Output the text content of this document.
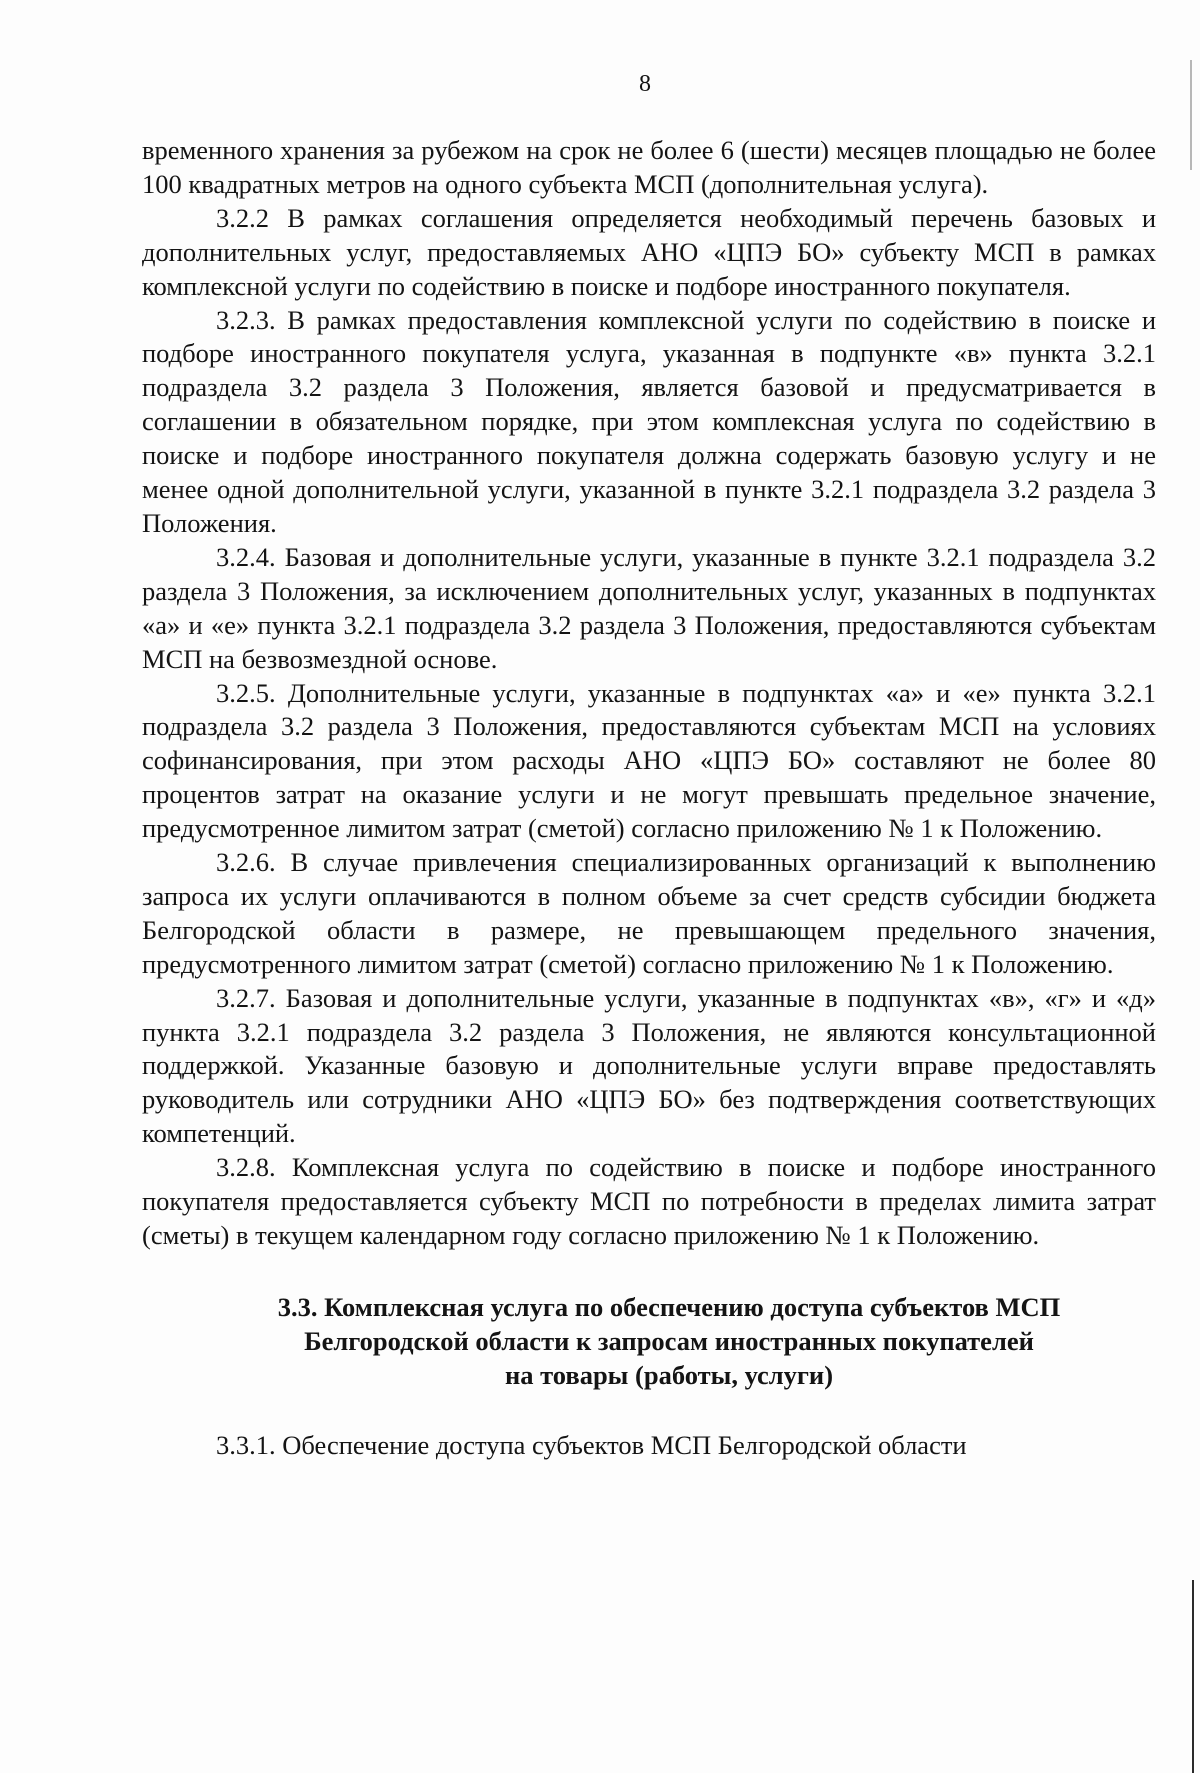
8

временного хранения за рубежом на срок не более 6 (шести) месяцев площадью не более 100 квадратных метров на одного субъекта МСП (дополнительная услуга).

3.2.2 В рамках соглашения определяется необходимый перечень базовых и дополнительных услуг, предоставляемых АНО «ЦПЭ БО» субъекту МСП в рамках комплексной услуги по содействию в поиске и подборе иностранного покупателя.

3.2.3. В рамках предоставления комплексной услуги по содействию в поиске и подборе иностранного покупателя услуга, указанная в подпункте «в» пункта 3.2.1 подраздела 3.2 раздела 3 Положения, является базовой и предусматривается в соглашении в обязательном порядке, при этом комплексная услуга по содействию в поиске и подборе иностранного покупателя должна содержать базовую услугу и не менее одной дополнительной услуги, указанной в пункте 3.2.1 подраздела 3.2 раздела 3 Положения.

3.2.4. Базовая и дополнительные услуги, указанные в пункте 3.2.1 подраздела 3.2 раздела 3 Положения, за исключением дополнительных услуг, указанных в подпунктах «а» и «е» пункта 3.2.1 подраздела 3.2 раздела 3 Положения, предоставляются субъектам МСП на безвозмездной основе.

3.2.5. Дополнительные услуги, указанные в подпунктах «а» и «е» пункта 3.2.1 подраздела 3.2 раздела 3 Положения, предоставляются субъектам МСП на условиях софинансирования, при этом расходы АНО «ЦПЭ БО» составляют не более 80 процентов затрат на оказание услуги и не могут превышать предельное значение, предусмотренное лимитом затрат (сметой) согласно приложению № 1 к Положению.

3.2.6. В случае привлечения специализированных организаций к выполнению запроса их услуги оплачиваются в полном объеме за счет средств субсидии бюджета Белгородской области в размере, не превышающем предельного значения, предусмотренного лимитом затрат (сметой) согласно приложению № 1 к Положению.

3.2.7. Базовая и дополнительные услуги, указанные в подпунктах «в», «г» и «д» пункта 3.2.1 подраздела 3.2 раздела 3 Положения, не являются консультационной поддержкой. Указанные базовую и дополнительные услуги вправе предоставлять руководитель или сотрудники АНО «ЦПЭ БО» без подтверждения соответствующих компетенций.

3.2.8. Комплексная услуга по содействию в поиске и подборе иностранного покупателя предоставляется субъекту МСП по потребности в пределах лимита затрат (сметы) в текущем календарном году согласно приложению № 1 к Положению.

3.3. Комплексная услуга по обеспечению доступа субъектов МСП
Белгородской области к запросам иностранных покупателей
на товары (работы, услуги)

3.3.1. Обеспечение доступа субъектов МСП Белгородской области
